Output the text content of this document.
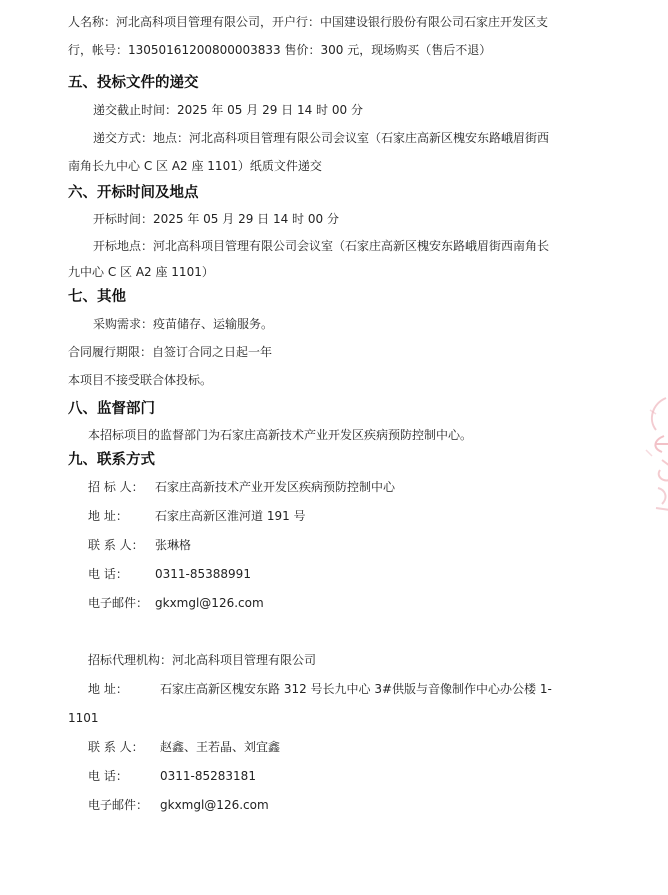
人名称：河北高科项目管理有限公司，开户行：中国建设银行股份有限公司石家庄开发区支
行，帐号：13050161200800003833 售价：300 元，现场购买（售后不退）
五、投标文件的递交
递交截止时间：2025 年 05 月 29 日 14 时 00 分
递交方式：地点：河北高科项目管理有限公司会议室（石家庄高新区槐安东路峨眉街西
南角长九中心 C 区 A2 座 1101）纸质文件递交
六、开标时间及地点
开标时间：2025 年 05 月 29 日 14 时 00 分
开标地点：河北高科项目管理有限公司会议室（石家庄高新区槐安东路峨眉街西南角长
九中心 C 区 A2 座 1101）
七、其他
采购需求：疫苗储存、运输服务。
合同履行期限：自签订合同之日起一年
本项目不接受联合体投标。
八、监督部门
本招标项目的监督部门为石家庄高新技术产业开发区疾病预防控制中心。
九、联系方式
招 标 人： 石家庄高新技术产业开发区疾病预防控制中心
地 址： 石家庄高新区淮河道 191 号
联 系 人： 张琳格
电 话： 0311-85388991
电子邮件： gkxmgl@126.com
招标代理机构：河北高科项目管理有限公司
地 址：	石家庄高新区槐安东路 312 号长九中心 3#供版与音像制作中心办公楼 1-
1101
联 系 人： 赵鑫、王若晶、刘宜鑫
电 话：	0311-85283181
电子邮件： gkxmgl@126.com
